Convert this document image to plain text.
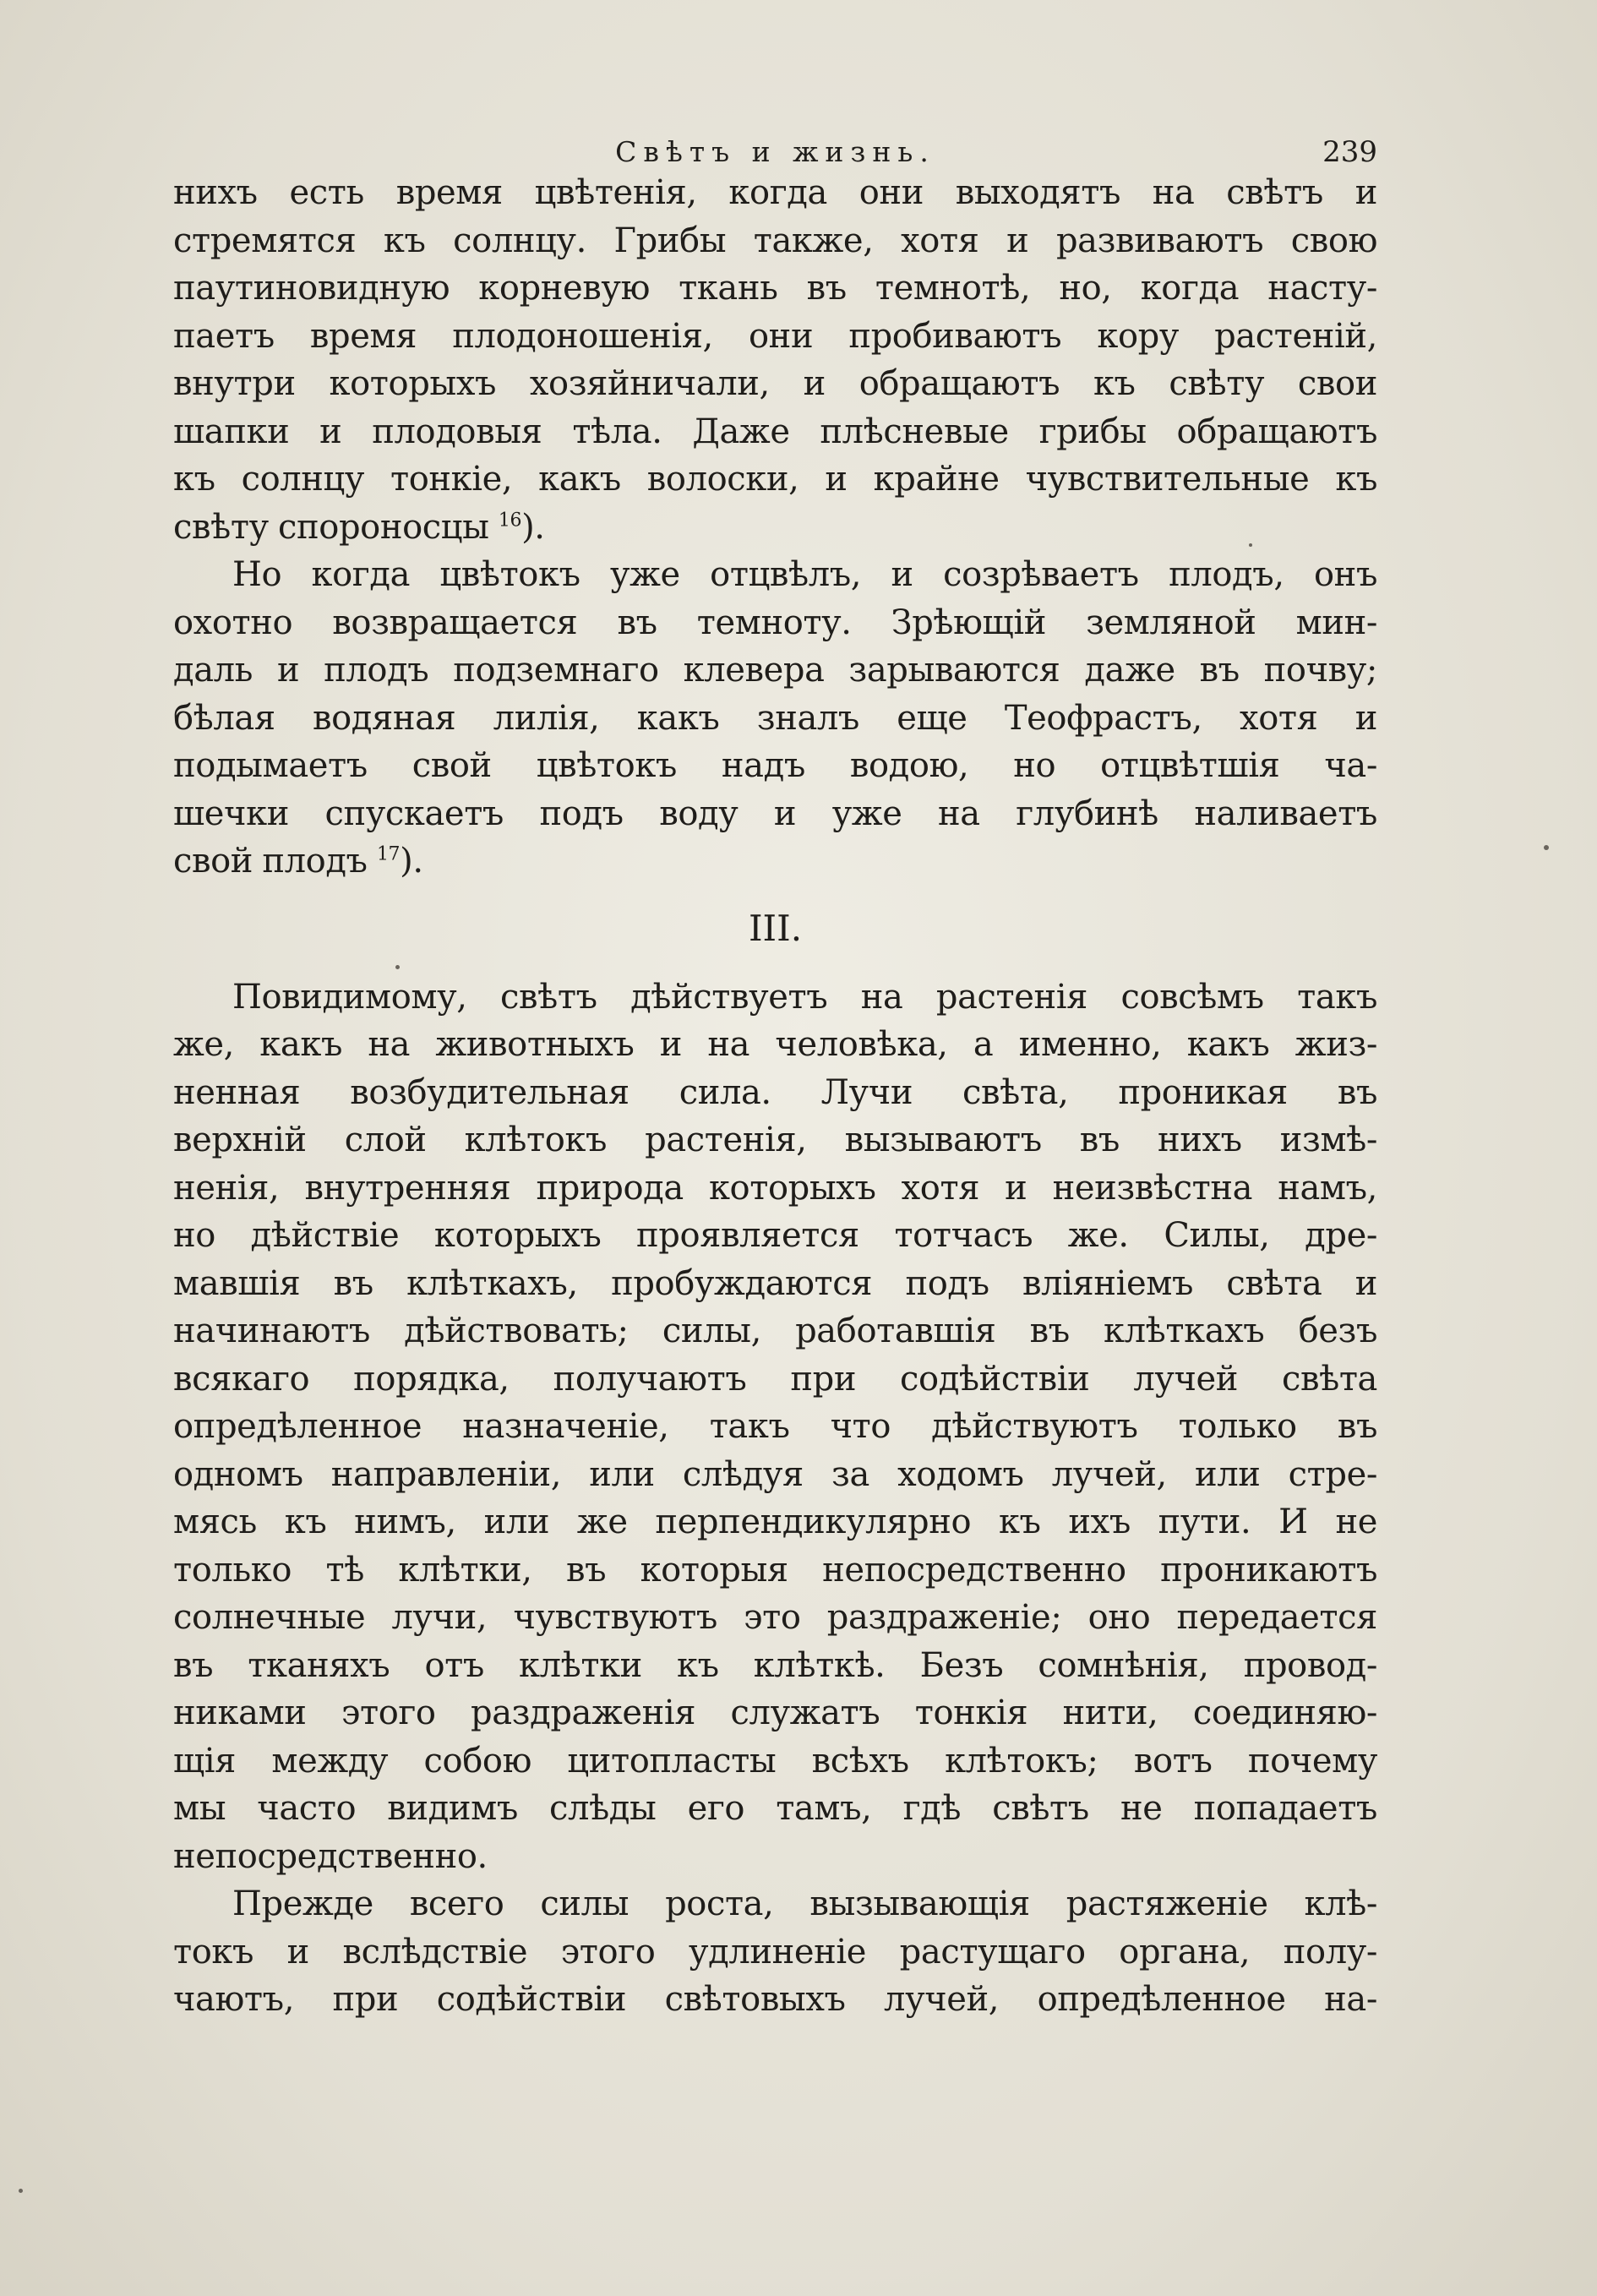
Свѣтъ и жизнь.	239

нихъ есть время цвѣтенія, когда они выходятъ на свѣтъ и
стремятся къ солнцу. Грибы также, хотя и развиваютъ свою
паутиновидную корневую ткань въ темнотѣ, но, когда насту-
паетъ время плодоношенія, они пробиваютъ кору растеній,
внутри которыхъ хозяйничали, и обращаютъ къ свѣту свои
шапки и плодовыя тѣла. Даже плѣсневые грибы обращаютъ
къ солнцу тонкіе, какъ волоски, и крайне чувствительные къ
свѣту спороносцы $^{16}$).

Но когда цвѣтокъ уже отцвѣлъ, и созрѣваетъ плодъ, онъ
охотно возвращается въ темноту. Зрѣющій земляной мин-
даль и плодъ подземнаго клевера зарываются даже въ почву;
бѣлая водяная лилія, какъ зналъ еще Теофрастъ, хотя и
подымаетъ свой цвѣтокъ надъ водою, но отцвѣтшія ча-
шечки спускаетъ подъ воду и уже на глубинѣ наливаетъ
свой плодъ $^{17}$).

III.

Повидимому, свѣтъ дѣйствуетъ на растенія совсѣмъ такъ
же, какъ на животныхъ и на человѣка, а именно, какъ жиз-
ненная возбудительная сила. Лучи свѣта, проникая въ
верхній слой клѣтокъ растенія, вызываютъ въ нихъ измѣ-
ненія, внутренняя природа которыхъ хотя и неизвѣстна намъ,
но дѣйствіе которыхъ проявляется тотчасъ же. Силы, дре-
мавшія въ клѣткахъ, пробуждаются подъ вліяніемъ свѣта и
начинаютъ дѣйствовать; силы, работавшія въ клѣткахъ безъ
всякаго порядка, получаютъ при содѣйствіи лучей свѣта
опредѣленное назначеніе, такъ что дѣйствуютъ только въ
одномъ направленіи, или слѣдуя за ходомъ лучей, или стре-
мясь къ нимъ, или же перпендикулярно къ ихъ пути. И не
только тѣ клѣтки, въ которыя непосредственно проникаютъ
солнечные лучи, чувствуютъ это раздраженіе; оно передается
въ тканяхъ отъ клѣтки къ клѣткѣ. Безъ сомнѣнія, провод-
никами этого раздраженія служатъ тонкія нити, соединяю-
щія между собою цитопласты всѣхъ клѣтокъ; вотъ почему
мы часто видимъ слѣды его тамъ, гдѣ свѣтъ не попадаетъ
непосредственно.

Прежде всего силы роста, вызывающія растяженіе клѣ-
токъ и вслѣдствіе этого удлиненіе растущаго органа, полу-
чаютъ, при содѣйствіи свѣтовыхъ лучей, опредѣленное на-
